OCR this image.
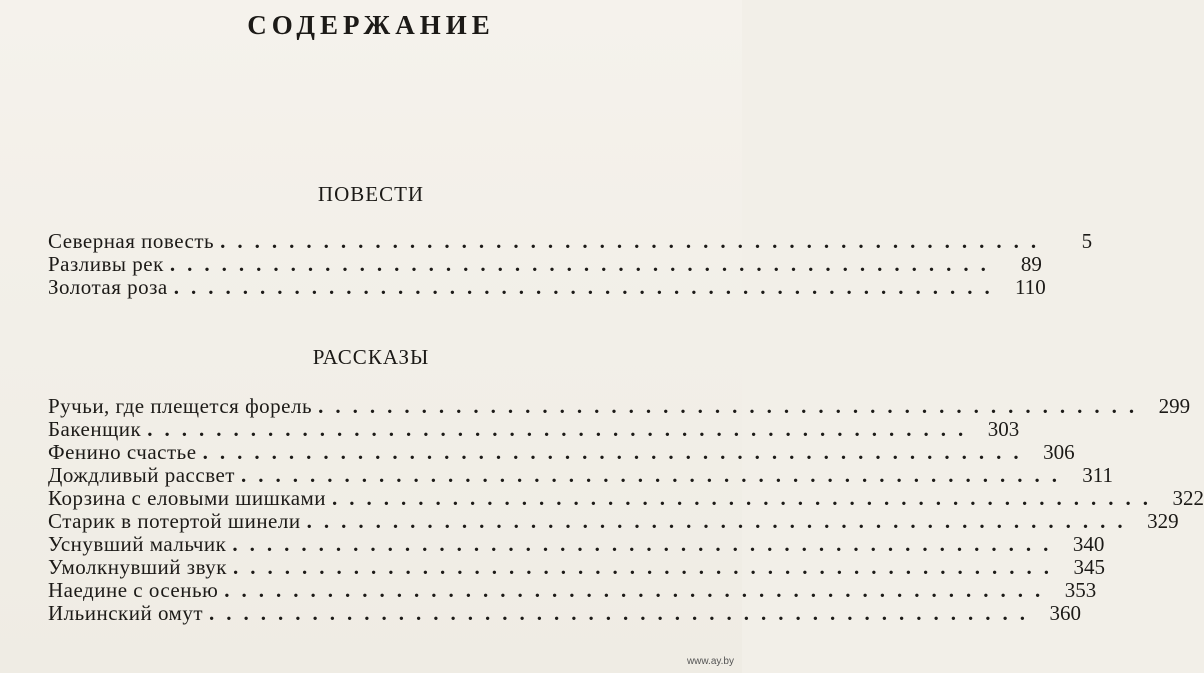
СОДЕРЖАНИЕ
ПОВЕСТИ
Северная повесть ................................................	5
Разливы рек ................................................	89
Золотая роза ................................................ 110
РАССКАЗЫ
Ручьи, где плещется форель ................................................ 299
Бакенщик ................................................ 303
Фенино счастье ................................................ 306
Дождливый рассвет ................................................ 311
Корзина с еловыми шишками ................................................ 322
Старик в потертой шинели ................................................ 329
Уснувший мальчик ................................................ 340
Умолкнувший звук ................................................ 345
Наедине с осенью ................................................ 353
Ильинский омут ................................................ 360
www.ay.by
